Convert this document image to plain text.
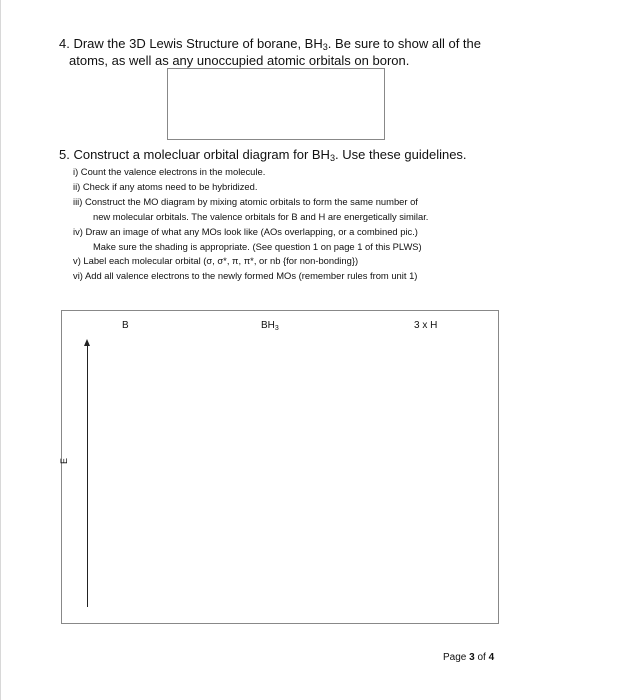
4. Draw the 3D Lewis Structure of borane, $BH_3$. Be sure to show all of the
atoms, as well as any unoccupied atomic orbitals on boron.
5. Construct a molecluar orbital diagram for $BH_3$. Use these guidelines.
i) Count the valence electrons in the molecule.
ii) Check if any atoms need to be hybridized.
iii) Construct the MO diagram by mixing atomic orbitals to form the same number of
new molecular orbitals. The valence orbitals for B and H are energetically similar.
iv) Draw an image of what any MOs look like (AOs overlapping, or a combined pic.)
Make sure the shading is appropriate. (See question 1 on page 1 of this PLWS)
v) Label each molecular orbital (σ, σ*, π, π*, or nb {for non-bonding})
vi) Add all valence electrons to the newly formed MOs (remember rules from unit 1)
B	$BH_3$	3 x H
E
Page 3 of 4
